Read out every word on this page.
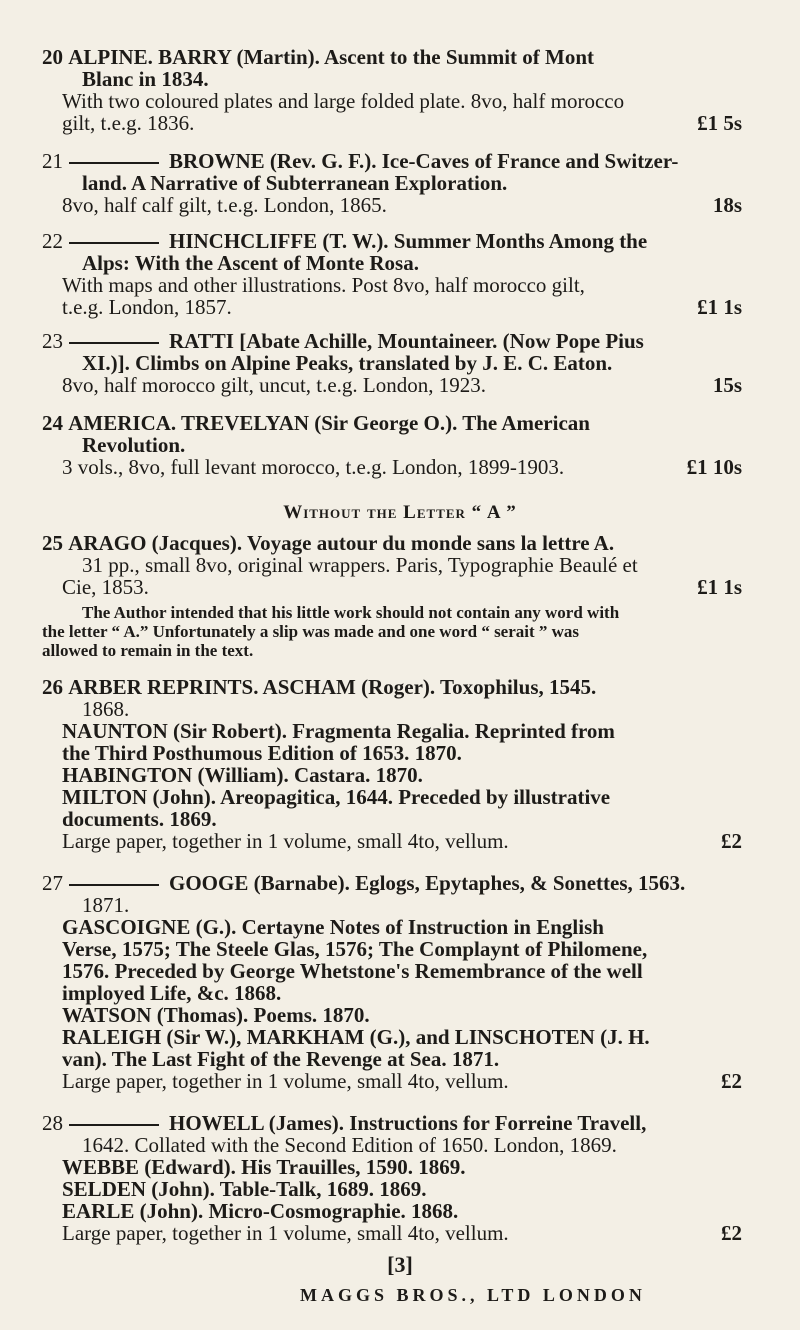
20 ALPINE. BARRY (Martin). Ascent to the Summit of Mont
Blanc in 1834.
With two coloured plates and large folded plate. 8vo, half morocco
gilt, t.e.g. 1836.	£1 5s
21	BROWNE (Rev. G. F.). Ice-Caves of France and Switzer-
land. A Narrative of Subterranean Exploration.
8vo, half calf gilt, t.e.g. London, 1865.	18s
22	HINCHCLIFFE (T. W.). Summer Months Among the
Alps: With the Ascent of Monte Rosa.
With maps and other illustrations. Post 8vo, half morocco gilt,
t.e.g. London, 1857.	£1 1s
23	RATTI [Abate Achille, Mountaineer. (Now Pope Pius
XI.)]. Climbs on Alpine Peaks, translated by J. E. C. Eaton.
8vo, half morocco gilt, uncut, t.e.g. London, 1923.	15s
24 AMERICA. TREVELYAN (Sir George O.). The American
Revolution.
3 vols., 8vo, full levant morocco, t.e.g. London, 1899-1903.	£1 10s
Without the Letter “ A ”
25 ARAGO (Jacques). Voyage autour du monde sans la lettre A.
31 pp., small 8vo, original wrappers. Paris, Typographie Beaulé et
Cie, 1853.	£1 1s
The Author intended that his little work should not contain any word with
the letter “ A.” Unfortunately a slip was made and one word “ serait ” was
allowed to remain in the text.
26 ARBER REPRINTS. ASCHAM (Roger). Toxophilus, 1545.
1868.
NAUNTON (Sir Robert). Fragmenta Regalia. Reprinted from
the Third Posthumous Edition of 1653. 1870.
HABINGTON (William). Castara. 1870.
MILTON (John). Areopagitica, 1644. Preceded by illustrative
documents. 1869.
Large paper, together in 1 volume, small 4to, vellum.	£2
27	GOOGE (Barnabe). Eglogs, Epytaphes, & Sonettes, 1563.
1871.
GASCOIGNE (G.). Certayne Notes of Instruction in English
Verse, 1575; The Steele Glas, 1576; The Complaynt of Philomene,
1576. Preceded by George Whetstone's Remembrance of the well
imployed Life, &c. 1868.
WATSON (Thomas). Poems. 1870.
RALEIGH (Sir W.), MARKHAM (G.), and LINSCHOTEN (J. H.
van). The Last Fight of the Revenge at Sea. 1871.
Large paper, together in 1 volume, small 4to, vellum.	£2
28	HOWELL (James). Instructions for Forreine Travell,
1642. Collated with the Second Edition of 1650. London, 1869.
WEBBE (Edward). His Trauilles, 1590. 1869.
SELDEN (John). Table-Talk, 1689. 1869.
EARLE (John). Micro-Cosmographie. 1868.
Large paper, together in 1 volume, small 4to, vellum.	£2
[3]
MAGGS BROS., LTD LONDON
